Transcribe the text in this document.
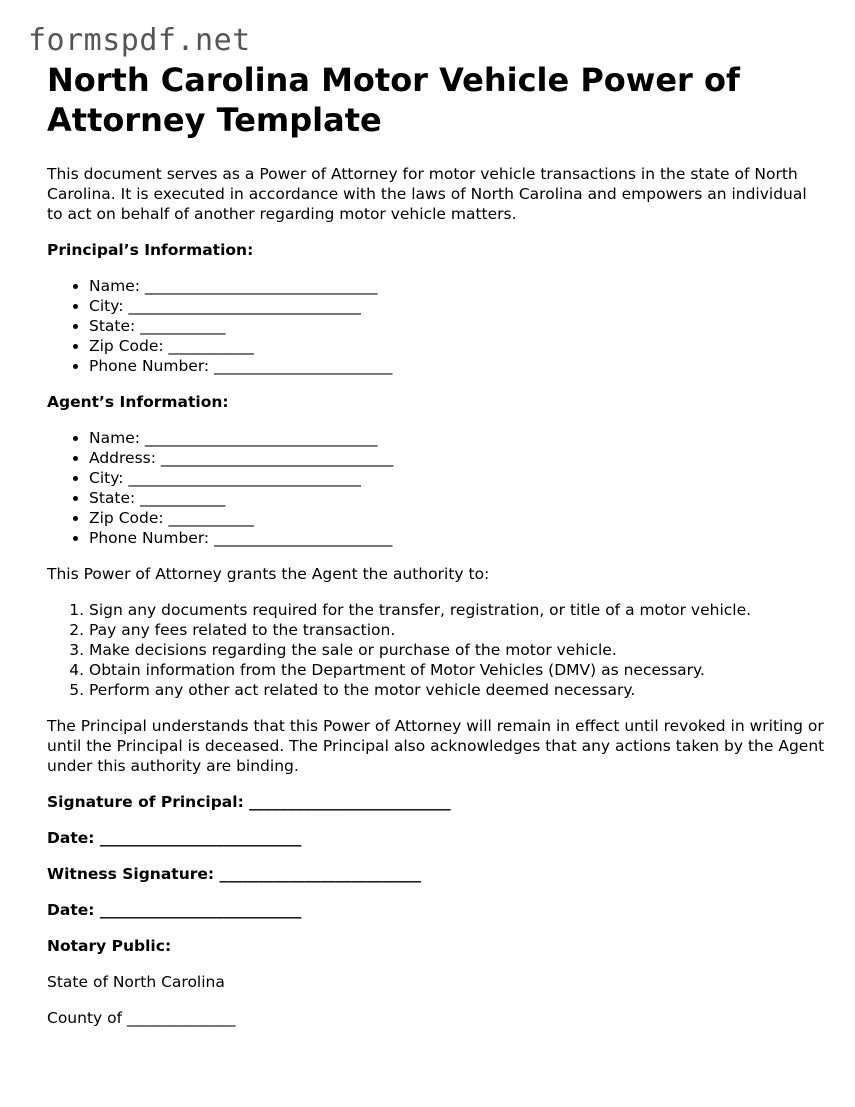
formspdf.net
North Carolina Motor Vehicle Power of Attorney Template

This document serves as a Power of Attorney for motor vehicle transactions in the state of North Carolina. It is executed in accordance with the laws of North Carolina and empowers an individual to act on behalf of another regarding motor vehicle matters.

Principal’s Information:
• Name: ______________________________
• City: ______________________________
• State: ___________
• Zip Code: ___________
• Phone Number: _______________________
Agent’s Information:
• Name: ______________________________
• Address: ______________________________
• City: ______________________________
• State: ___________
• Zip Code: ___________
• Phone Number: _______________________

This Power of Attorney grants the Agent the authority to:

1. Sign any documents required for the transfer, registration, or title of a motor vehicle.
2. Pay any fees related to the transaction.
3. Make decisions regarding the sale or purchase of the motor vehicle.
4. Obtain information from the Department of Motor Vehicles (DMV) as necessary.
5. Perform any other act related to the motor vehicle deemed necessary.

The Principal understands that this Power of Attorney will remain in effect until revoked in writing or until the Principal is deceased. The Principal also acknowledges that any actions taken by the Agent under this authority are binding.

Signature of Principal: __________________________
Date: __________________________
Witness Signature: __________________________
Date: __________________________
Notary Public:
State of North Carolina
County of ______________
